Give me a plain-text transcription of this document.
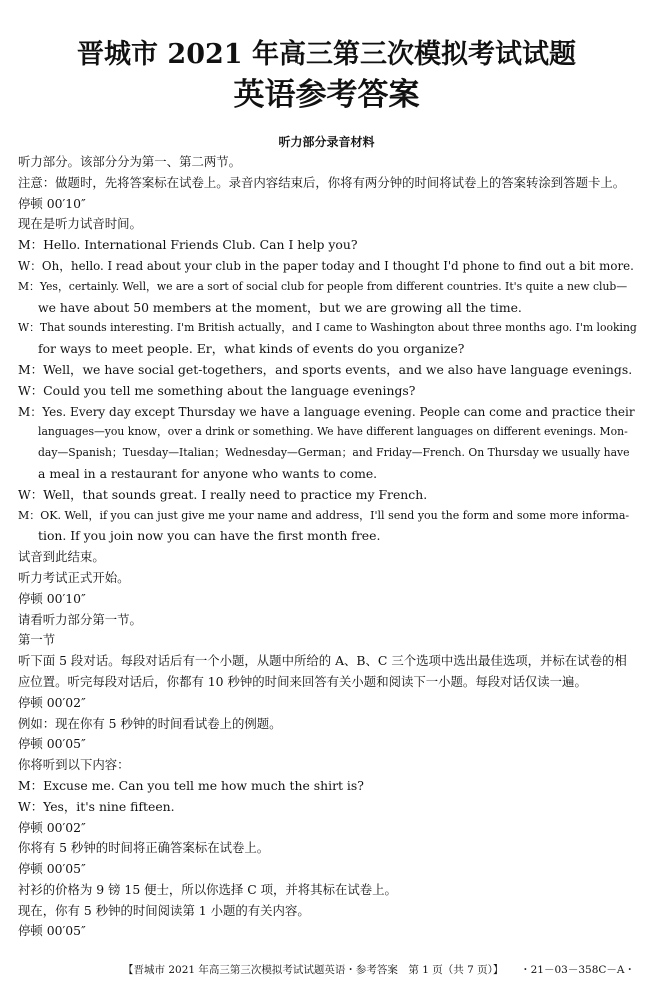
晋城市 2021 年高三第三次模拟考试试题
英语参考答案
听力部分录音材料
听力部分。该部分分为第一、第二两节。
注意：做题时，先将答案标在试卷上。录音内容结束后，你将有两分钟的时间将试卷上的答案转涂到答题卡上。
停顿 00′10″
现在是听力试音时间。
M：Hello. International Friends Club. Can I help you?
W：Oh，hello. I read about your club in the paper today and I thought I'd phone to find out a bit more.
M：Yes，certainly. Well，we are a sort of social club for people from different countries. It's quite a new club—
we have about 50 members at the moment，but we are growing all the time.
W：That sounds interesting. I'm British actually，and I came to Washington about three months ago. I'm looking
for ways to meet people. Er，what kinds of events do you organize?
M：Well，we have social get-togethers，and sports events，and we also have language evenings.
W：Could you tell me something about the language evenings?
M：Yes. Every day except Thursday we have a language evening. People can come and practice their
languages—you know，over a drink or something. We have different languages on different evenings. Mon-
day—Spanish；Tuesday—Italian；Wednesday—German；and Friday—French. On Thursday we usually have
a meal in a restaurant for anyone who wants to come.
W：Well，that sounds great. I really need to practice my French.
M：OK. Well，if you can just give me your name and address，I'll send you the form and some more informa-
tion. If you join now you can have the first month free.
试音到此结束。
听力考试正式开始。
停顿 00′10″
请看听力部分第一节。
第一节
听下面 5 段对话。每段对话后有一个小题，从题中所给的 A、B、C 三个选项中选出最佳选项，并标在试卷的相
应位置。听完每段对话后，你都有 10 秒钟的时间来回答有关小题和阅读下一小题。每段对话仅读一遍。
停顿 00′02″
例如：现在你有 5 秒钟的时间看试卷上的例题。
停顿 00′05″
你将听到以下内容：
M：Excuse me. Can you tell me how much the shirt is?
W：Yes，it's nine fifteen.
停顿 00′02″
你将有 5 秒钟的时间将正确答案标在试卷上。
停顿 00′05″
衬衫的价格为 9 镑 15 便士，所以你选择 C 项，并将其标在试卷上。
现在，你有 5 秒钟的时间阅读第 1 小题的有关内容。
停顿 00′05″
【晋城市 2021 年高三第三次模拟考试试题英语・参考答案　第 1 页（共 7 页）】 ・21－03－358C－A・
